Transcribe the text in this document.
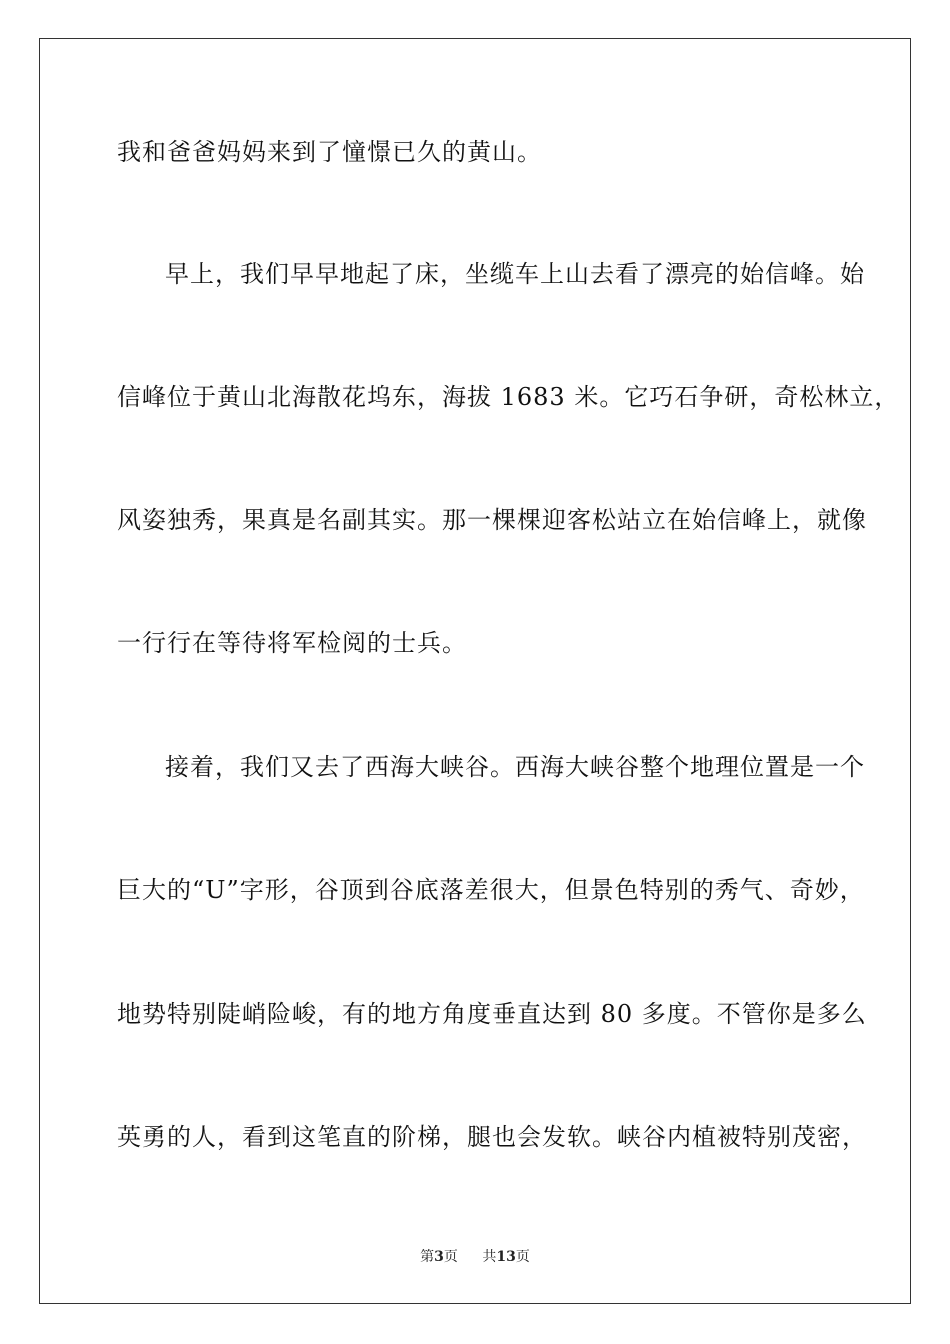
我和爸爸妈妈来到了憧憬已久的黄山。
早上，我们早早地起了床，坐缆车上山去看了漂亮的始信峰。始
信峰位于黄山北海散花坞东，海拔 1683 米。它巧石争研，奇松林立，
风姿独秀，果真是名副其实。那一棵棵迎客松站立在始信峰上，就像
一行行在等待将军检阅的士兵。
接着，我们又去了西海大峡谷。西海大峡谷整个地理位置是一个
巨大的“U”字形，谷顶到谷底落差很大，但景色特别的秀气、奇妙，
地势特别陡峭险峻，有的地方角度垂直达到 80 多度。不管你是多么
英勇的人，看到这笔直的阶梯，腿也会发软。峡谷内植被特别茂密，
第3页 共13页
